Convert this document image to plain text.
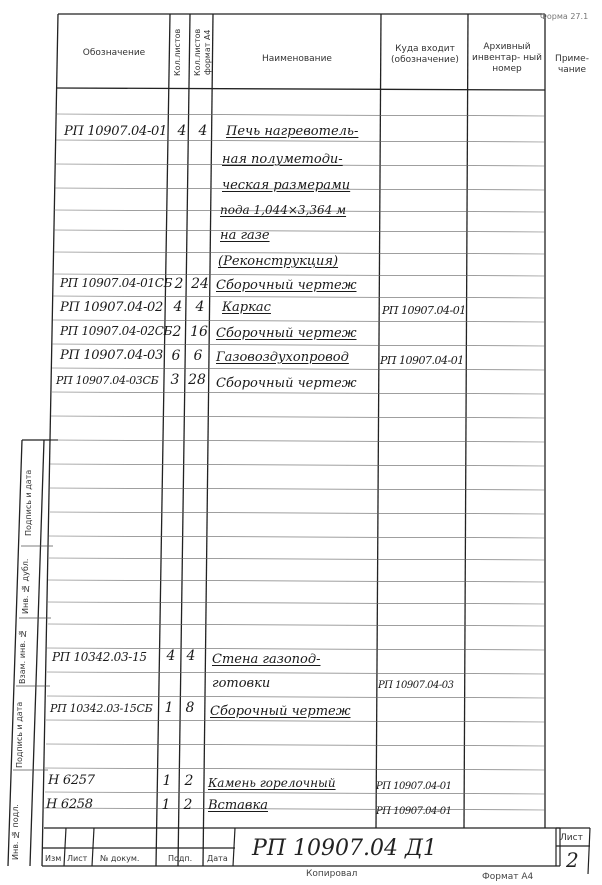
Форма 27.1
Обозначение	Кол.листов Кол.листов формат А4	Наименование
Куда входит (обозначение)
Архивный инвентар- ный номер
Приме- чание
РП 10907.04-01 4 4	Печь нагревотель-
ная полуметоди-
ческая размерами
пода 1,044×3,364 м
на газе
(Реконструкция)
РП 10907.04-01СБ 2 24 Сборочный чертеж
РП 10907.04-02 4 4	Каркас	РП 10907.04-01
РП 10907.04-02СБ 2 16 Сборочный чертеж
РП 10907.04-03 6 6	Газовоздухопровод	РП 10907.04-01
РП 10907.04-03СБ 3 28 Сборочный чертеж
РП 10342.03-15	4 4	Стена газопод-
готовки	РП 10907.04-03
РП 10342.03-15СБ 1 8	Сборочный чертеж
Н 6257	1 2	Камень горелочный	РП 10907.04-01
Н 6258	1 2	Вставка	РП 10907.04-01
Подпись и дата
Инв. № дубл.
Взам. инв. №
Подпись и дата
Инв. № подл.	Изм Лист № докум.	Подп. Дата РП 10907.04 Д1	Лист
2
Копировал	Формат А4
